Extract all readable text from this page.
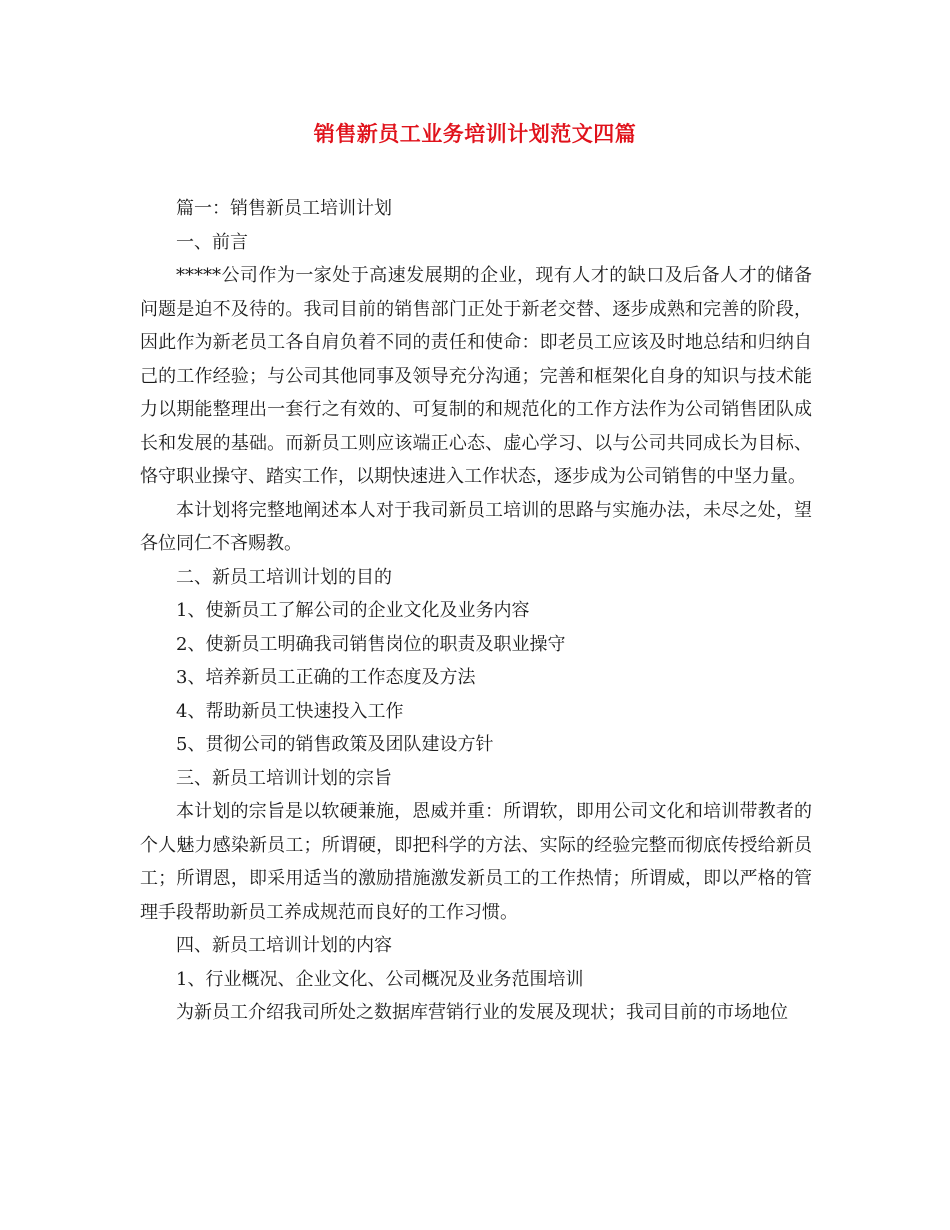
销售新员工业务培训计划范文四篇

篇一：销售新员工培训计划

一、前言

*****公司作为一家处于高速发展期的企业，现有人才的缺口及后备人才的储备问题是迫不及待的。我司目前的销售部门正处于新老交替、逐步成熟和完善的阶段，因此作为新老员工各自肩负着不同的责任和使命：即老员工应该及时地总结和归纳自己的工作经验；与公司其他同事及领导充分沟通；完善和框架化自身的知识与技术能力以期能整理出一套行之有效的、可复制的和规范化的工作方法作为公司销售团队成长和发展的基础。而新员工则应该端正心态、虚心学习、以与公司共同成长为目标、恪守职业操守、踏实工作，以期快速进入工作状态，逐步成为公司销售的中坚力量。

本计划将完整地阐述本人对于我司新员工培训的思路与实施办法，未尽之处，望各位同仁不吝赐教。

二、新员工培训计划的目的

1、使新员工了解公司的企业文化及业务内容

2、使新员工明确我司销售岗位的职责及职业操守

3、培养新员工正确的工作态度及方法

4、帮助新员工快速投入工作

5、贯彻公司的销售政策及团队建设方针

三、新员工培训计划的宗旨

本计划的宗旨是以软硬兼施，恩威并重：所谓软，即用公司文化和培训带教者的个人魅力感染新员工；所谓硬，即把科学的方法、实际的经验完整而彻底传授给新员工；所谓恩，即采用适当的激励措施激发新员工的工作热情；所谓威，即以严格的管理手段帮助新员工养成规范而良好的工作习惯。

四、新员工培训计划的内容

1、行业概况、企业文化、公司概况及业务范围培训

为新员工介绍我司所处之数据库营销行业的发展及现状；我司目前的市场地位
